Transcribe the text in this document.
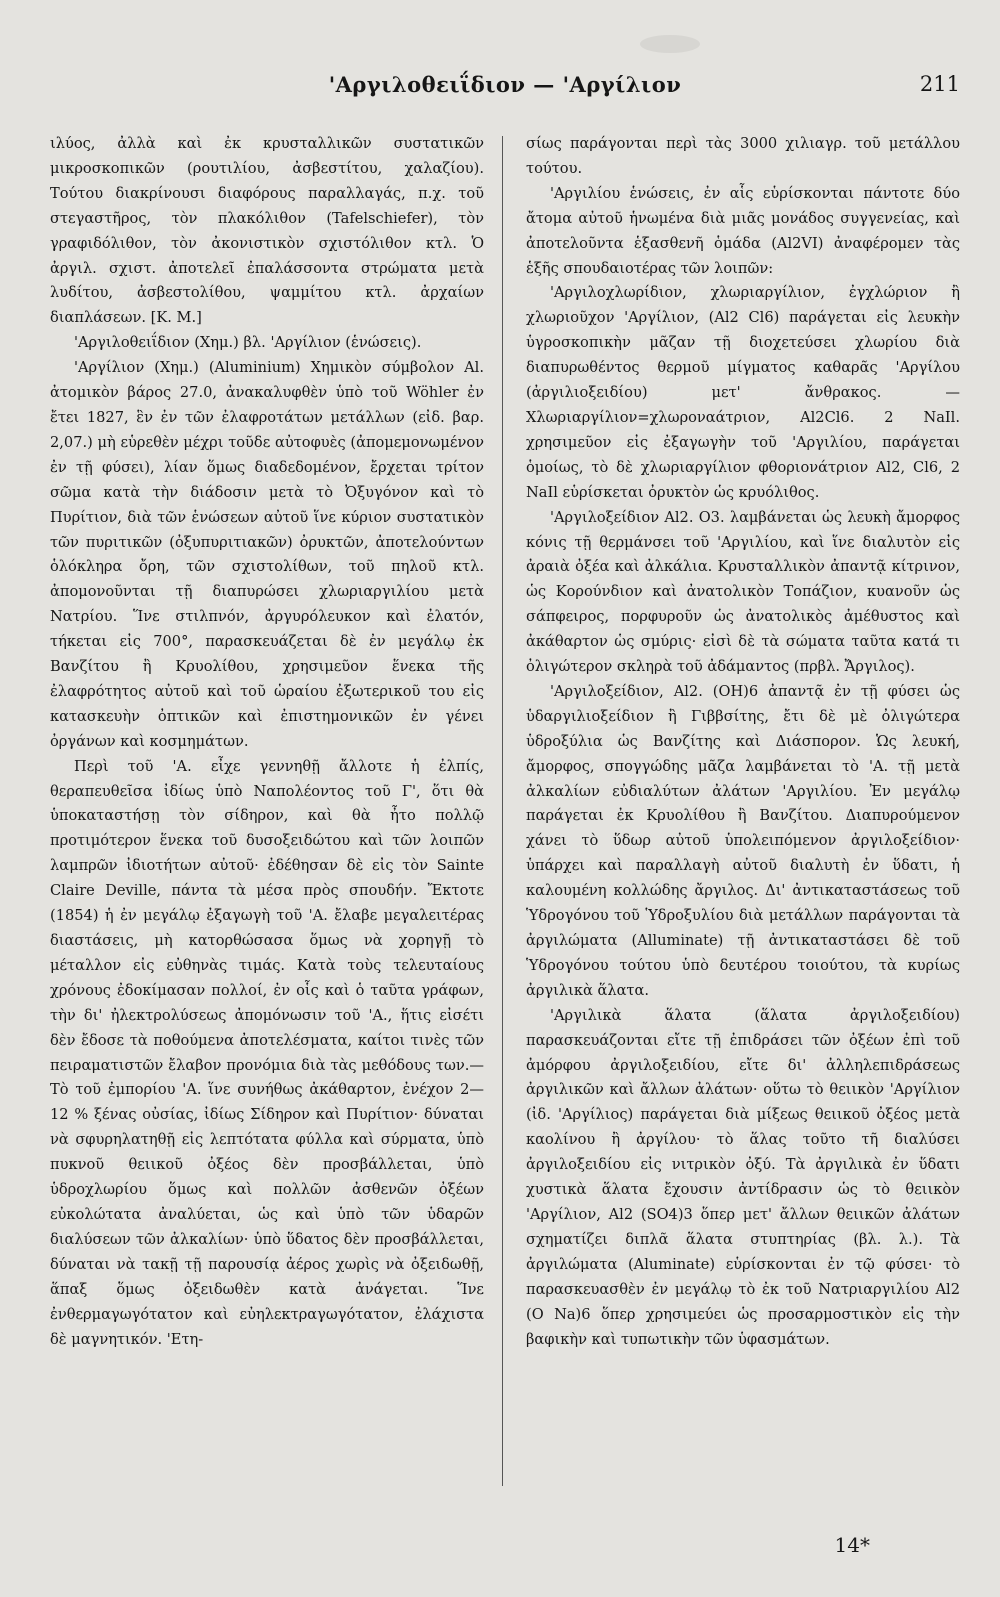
'Αργιλοθειΐδιον — 'Αργίλιον	211

ιλύος, ἀλλὰ καὶ ἐκ κρυσταλλικῶν συστατικῶν μικροσκοπικῶν (ρουτιλίου, ἀσβεστίτου, χαλαζίου). Τούτου διακρίνουσι διαφόρους παραλλαγάς, π.χ. τοῦ στεγαστῆρος, τὸν πλακόλιθον (Tafelschiefer), τὸν γραφιδόλιθον, τὸν ἀκονιστικὸν σχιστόλιθον κτλ. Ὁ ἀργιλ. σχιστ. ἀποτελεῖ ἐπαλάσσοντα στρώματα μετὰ λυδίτου, ἀσβεστολίθου, ψαμμίτου κτλ. ἀρχαίων διαπλάσεων. [Κ. Μ.]

'Αργιλοθειΐδιον (Χημ.) βλ. 'Αργίλιον (ἑνώσεις).

'Αργίλιον (Χημ.) (Aluminium) Χημικὸν σύμβολον Al. ἀτομικὸν βάρος 27.0, ἀνακαλυφθὲν ὑπὸ τοῦ Wöhler ἐν ἔτει 1827, ἓν ἐν τῶν ἐλαφροτάτων μετάλλων (εἰδ. βαρ. 2,07.) μὴ εὑρεθὲν μέχρι τοῦδε αὐτοφυὲς (ἀπομεμονωμένον ἐν τῇ φύσει), λίαν ὅμως διαδεδομένον, ἔρχεται τρίτον σῶμα κατὰ τὴν διάδοσιν μετὰ τὸ Ὀξυγόνον καὶ τὸ Πυρίτιον, διὰ τῶν ἑνώσεων αὐτοῦ ἵνε κύριον συστατικὸν τῶν πυριτικῶν (ὀξυπυριτιακῶν) ὀρυκτῶν, ἀποτελούντων ὁλόκληρα ὄρη, τῶν σχιστολίθων, τοῦ πηλοῦ κτλ. ἀπομονοῦνται τῇ διαπυρώσει χλωριαργιλίου μετὰ Νατρίου. Ἵνε στιλπνόν, ἀργυρόλευκον καὶ ἐλατόν, τήκεται εἰς 700°, παρασκευάζεται δὲ ἐν μεγάλῳ ἐκ Βανζίτου ἢ Κρυολίθου, χρησιμεῦον ἕνεκα τῆς ἐλαφρότητος αὐτοῦ καὶ τοῦ ὡραίου ἐξωτερικοῦ του εἰς κατασκευὴν ὀπτικῶν καὶ ἐπιστημονικῶν ἐν γένει ὀργάνων καὶ κοσμημάτων.

Περὶ τοῦ 'Α. εἶχε γεννηθῇ ἄλλοτε ἡ ἐλπίς, θεραπευθεῖσα ἰδίως ὑπὸ Ναπολέοντος τοῦ Γ', ὅτι θὰ ὑποκαταστήσῃ τὸν σίδηρον, καὶ θὰ ἦτο πολλῷ προτιμότερον ἕνεκα τοῦ δυσοξειδώτου καὶ τῶν λοιπῶν λαμπρῶν ἰδιοτήτων αὐτοῦ· ἐδέθησαν δὲ εἰς τὸν Sainte Claire Deville, πάντα τὰ μέσα πρὸς σπουδήν. Ἔκτοτε (1854) ἡ ἐν μεγάλῳ ἐξαγωγὴ τοῦ 'Α. ἔλαβε μεγαλειτέρας διαστάσεις, μὴ κατορθώσασα ὅμως νὰ χορηγῇ τὸ μέταλλον εἰς εὐθηνὰς τιμάς. Κατὰ τοὺς τελευταίους χρόνους ἐδοκίμασαν πολλοί, ἐν οἷς καὶ ὁ ταῦτα γράφων, τὴν δι' ἠλεκτρολύσεως ἀπομόνωσιν τοῦ 'Α., ἥτις εἰσέτι δὲν ἔδοσε τὰ ποθούμενα ἀποτελέσματα, καίτοι τινὲς τῶν πειραματιστῶν ἔλαβον προνόμια διὰ τὰς μεθόδους των.—Τὸ τοῦ ἐμπορίου 'Α. ἵνε συνήθως ἀκάθαρτον, ἐνέχον 2—12 % ξένας οὐσίας, ἰδίως Σίδηρον καὶ Πυρίτιον· δύναται νὰ σφυρηλατηθῇ εἰς λεπτότατα φύλλα καὶ σύρματα, ὑπὸ πυκνοῦ θειικοῦ ὀξέος δὲν προσβάλλεται, ὑπὸ ὑδροχλωρίου ὅμως καὶ πολλῶν ἀσθενῶν ὀξέων εὐκολώτατα ἀναλύεται, ὡς καὶ ὑπὸ τῶν ὑδαρῶν διαλύσεων τῶν ἀλκαλίων· ὑπὸ ὕδατος δὲν προσβάλλεται, δύναται νὰ τακῇ τῇ παρουσίᾳ ἀέρος χωρὶς νὰ ὀξειδωθῇ, ἅπαξ ὅμως ὀξειδωθὲν κατὰ ἀνάγεται. Ἵνε ἐνθερμαγωγότατον καὶ εὐηλεκτραγωγότατον, ἐλάχιστα δὲ μαγνητικόν. 'Ετη-

σίως παράγονται περὶ τὰς 3000 χιλιαγρ. τοῦ μετάλλου τούτου.

'Αργιλίου ἑνώσεις, ἐν αἷς εὑρίσκονται πάντοτε δύο ἄτομα αὐτοῦ ἡνωμένα διὰ μιᾶς μονάδος συγγενείας, καὶ ἀποτελοῦντα ἑξασθενῆ ὁμάδα (Al2VI) ἀναφέρομεν τὰς ἑξῆς σπουδαιοτέρας τῶν λοιπῶν:

'Αργιλοχλωρίδιον, χλωριαργίλιον, ἐγχλώριον ἢ χλωριοῦχον 'Αργίλιον, (Al2 Cl6) παράγεται εἰς λευκὴν ὑγροσκοπικὴν μᾶζαν τῇ διοχετεύσει χλωρίου διὰ διαπυρωθέντος θερμοῦ μίγματος καθαρᾶς 'Αργίλου (ἀργιλιοξειδίου) μετ' ἄνθρακος. — Χλωριαργίλιον=χλωροναάτριον, Al2Cl6. 2 NaIl. χρησιμεῦον εἰς ἐξαγωγὴν τοῦ 'Αργιλίου, παράγεται ὁμοίως, τὸ δὲ χλωριαργίλιον φθοριονάτριον Al2, Cl6, 2 NaIl εὑρίσκεται ὀρυκτὸν ὡς κρυόλιθος.

'Αργιλοξείδιον Al2. O3. λαμβάνεται ὡς λευκὴ ἄμορφος κόνις τῇ θερμάνσει τοῦ 'Αργιλίου, καὶ ἵνε διαλυτὸν εἰς ἀραιὰ ὀξέα καὶ ἀλκάλια. Κρυσταλλικὸν ἀπαντᾷ κίτρινον, ὡς Κορούνδιον καὶ ἀνατολικὸν Τοπάζιον, κυανοῦν ὡς σάπφειρος, πορφυροῦν ὡς ἀνατολικὸς ἀμέθυστος καὶ ἀκάθαρτον ὡς σμύρις· εἰσὶ δὲ τὰ σώματα ταῦτα κατά τι ὀλιγώτερον σκληρὰ τοῦ ἀδάμαντος (πρβλ. Ἄργιλος).

'Αργιλοξείδιον, Al2. (OH)6 ἀπαντᾷ ἐν τῇ φύσει ὡς ὑδαργιλιοξείδιον ἢ Γιββσίτης, ἔτι δὲ μὲ ὀλιγώτερα ὑδροξύλια ὡς Βανζίτης καὶ Διάσπορον. Ὡς λευκή, ἄμορφος, σπογγώδης μᾶζα λαμβάνεται τὸ 'Α. τῇ μετὰ ἀλκαλίων εὐδιαλύτων ἀλάτων 'Αργιλίου. Ἐν μεγάλῳ παράγεται ἐκ Κρυολίθου ἢ Βανζίτου. Διαπυρούμενον χάνει τὸ ὕδωρ αὐτοῦ ὑπολειπόμενον ἀργιλοξείδιον· ὑπάρχει καὶ παραλλαγὴ αὐτοῦ διαλυτὴ ἐν ὕδατι, ἡ καλουμένη κολλώδης ἄργιλος. Δι' ἀντικαταστάσεως τοῦ Ὑδρογόνου τοῦ Ὑδροξυλίου διὰ μετάλλων παράγονται τὰ ἀργιλώματα (Alluminate) τῇ ἀντικαταστάσει δὲ τοῦ Ὑδρογόνου τούτου ὑπὸ δευτέρου τοιούτου, τὰ κυρίως ἀργιλικὰ ἅλατα.

'Αργιλικὰ ἅλατα (ἅλατα ἀργιλοξειδίου) παρασκευάζονται εἴτε τῇ ἐπιδράσει τῶν ὀξέων ἐπὶ τοῦ ἀμόρφου ἀργιλοξειδίου, εἴτε δι' ἀλληλεπιδράσεως ἀργιλικῶν καὶ ἄλλων ἀλάτων· οὕτω τὸ θειικὸν 'Αργίλιον (ἰδ. 'Αργίλιος) παράγεται διὰ μίξεως θειικοῦ ὀξέος μετὰ καολίνου ἢ ἀργίλου· τὸ ἅλας τοῦτο τῆ διαλύσει ἀργιλοξειδίου εἰς νιτρικὸν ὀξύ. Τὰ ἀργιλικὰ ἐν ὕδατι χυστικὰ ἅλατα ἔχουσιν ἀντίδρασιν ὡς τὸ θειικὸν 'Αργίλιον, Al2 (SO4)3 ὅπερ μετ' ἄλλων θειικῶν ἀλάτων σχηματίζει διπλᾶ ἅλατα στυπτηρίας (βλ. λ.). Τὰ ἀργιλώματα (Aluminate) εὑρίσκονται ἐν τῷ φύσει· τὸ παρασκευασθὲν ἐν μεγάλῳ τὸ ἐκ τοῦ Νατριαργιλίου Al2 (O Na)6 ὅπερ χρησιμεύει ὡς προσαρμοστικὸν εἰς τὴν βαφικὴν καὶ τυπωτικὴν τῶν ὑφασμάτων.

14*
